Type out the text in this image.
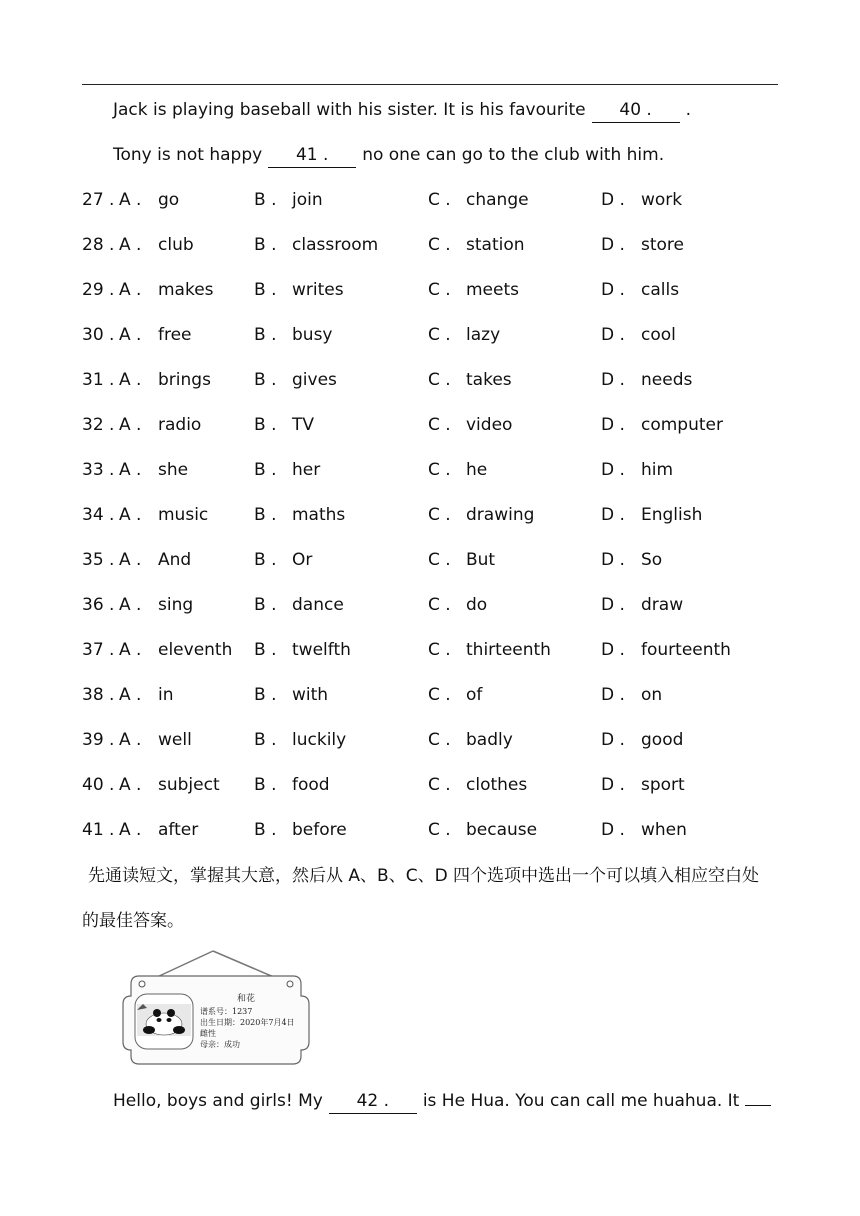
Jack is playing baseball with his sister. It is his favourite 40 . .
Tony is not happy 41 . no one can go to the club with him.
27 . A . go	B . join	C . change	D . work
28 . A . club	B . classroom	C . station	D . store
29 . A . makes B . writes	C . meets	D . calls
30 . A . free	B . busy	C . lazy	D . cool
31 . A . brings	B . gives	C . takes	D . needs
32 . A . radio	B . TV	C . video	D . computer
33 . A . she	B . her	C . he	D . him
34 . A . music	B . maths	C . drawing	D . English
35 . A . And	B . Or	C . But	D . So
36 . A . sing	B . dance	C . do	D . draw
37 . A . eleventh B . twelfth	C . thirteenth	D . fourteenth
38 . A . in	B . with	C . of	D . on
39 . A . well	B . luckily	C . badly	D . good
40 . A . subject B . food	C . clothes	D . sport
41 . A . after	B . before	C . because	D . when
先通读短文，掌握其大意，然后从 A、B、C、D 四个选项中选出一个可以填入相应空白处
的最佳答案。
和花
谱系号：1237
出生日期：2020年7月4日
雌性
母亲：成功
Hello, boys and girls! My 42 . is He Hua. You can call me huahua. It
